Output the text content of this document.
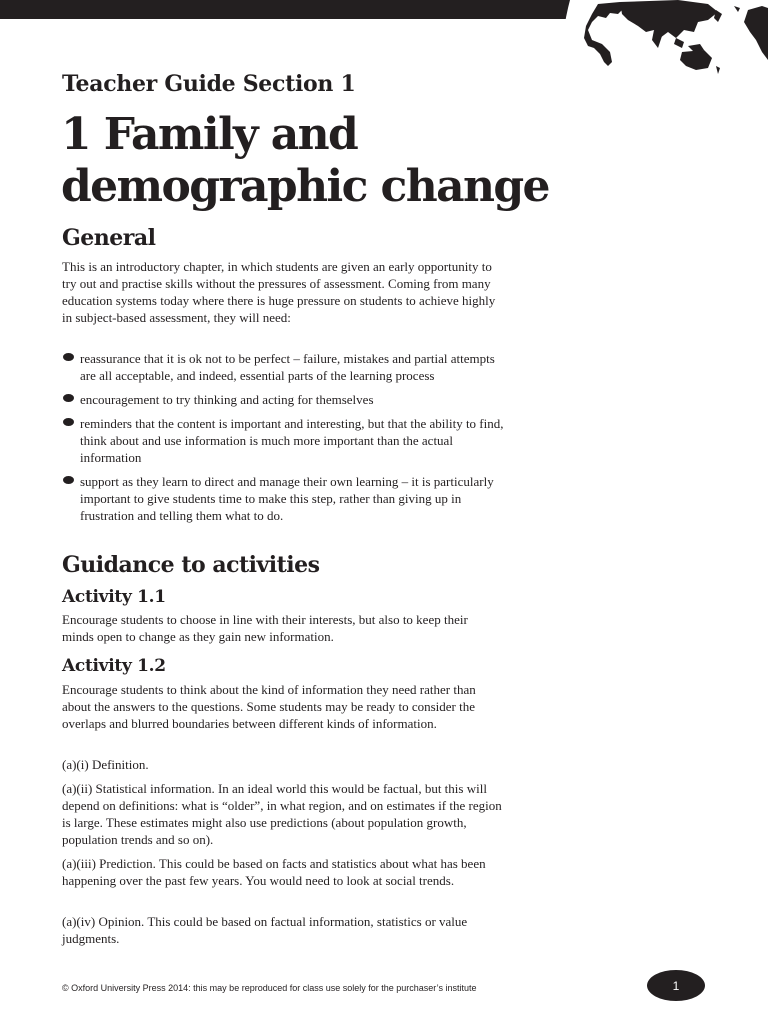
Teacher Guide Section 1
1 Family and demographic change
General

This is an introductory chapter, in which students are given an early opportunity to try out and practise skills without the pressures of assessment. Coming from many education systems today where there is huge pressure on students to achieve highly in subject-based assessment, they will need:

reassurance that it is ok not to be perfect – failure, mistakes and partial attempts are all acceptable, and indeed, essential parts of the learning process
encouragement to try thinking and acting for themselves
reminders that the content is important and interesting, but that the ability to find, think about and use information is much more important than the actual information
support as they learn to direct and manage their own learning – it is particularly important to give students time to make this step, rather than giving up in frustration and telling them what to do.
Guidance to activities
Activity 1.1

Encourage students to choose in line with their interests, but also to keep their minds open to change as they gain new information.

Activity 1.2

Encourage students to think about the kind of information they need rather than about the answers to the questions. Some students may be ready to consider the overlaps and blurred boundaries between different kinds of information.

(a)(i) Definition.

(a)(ii) Statistical information. In an ideal world this would be factual, but this will depend on definitions: what is “older”, in what region, and on estimates if the region is large. These estimates might also use predictions (about population growth, population trends and so on).

(a)(iii) Prediction. This could be based on facts and statistics about what has been happening over the past few years. You would need to look at social trends.

(a)(iv) Opinion. This could be based on factual information, statistics or value judgments.

© Oxford University Press 2014: this may be reproduced for class use solely for the purchaser’s institute	1
